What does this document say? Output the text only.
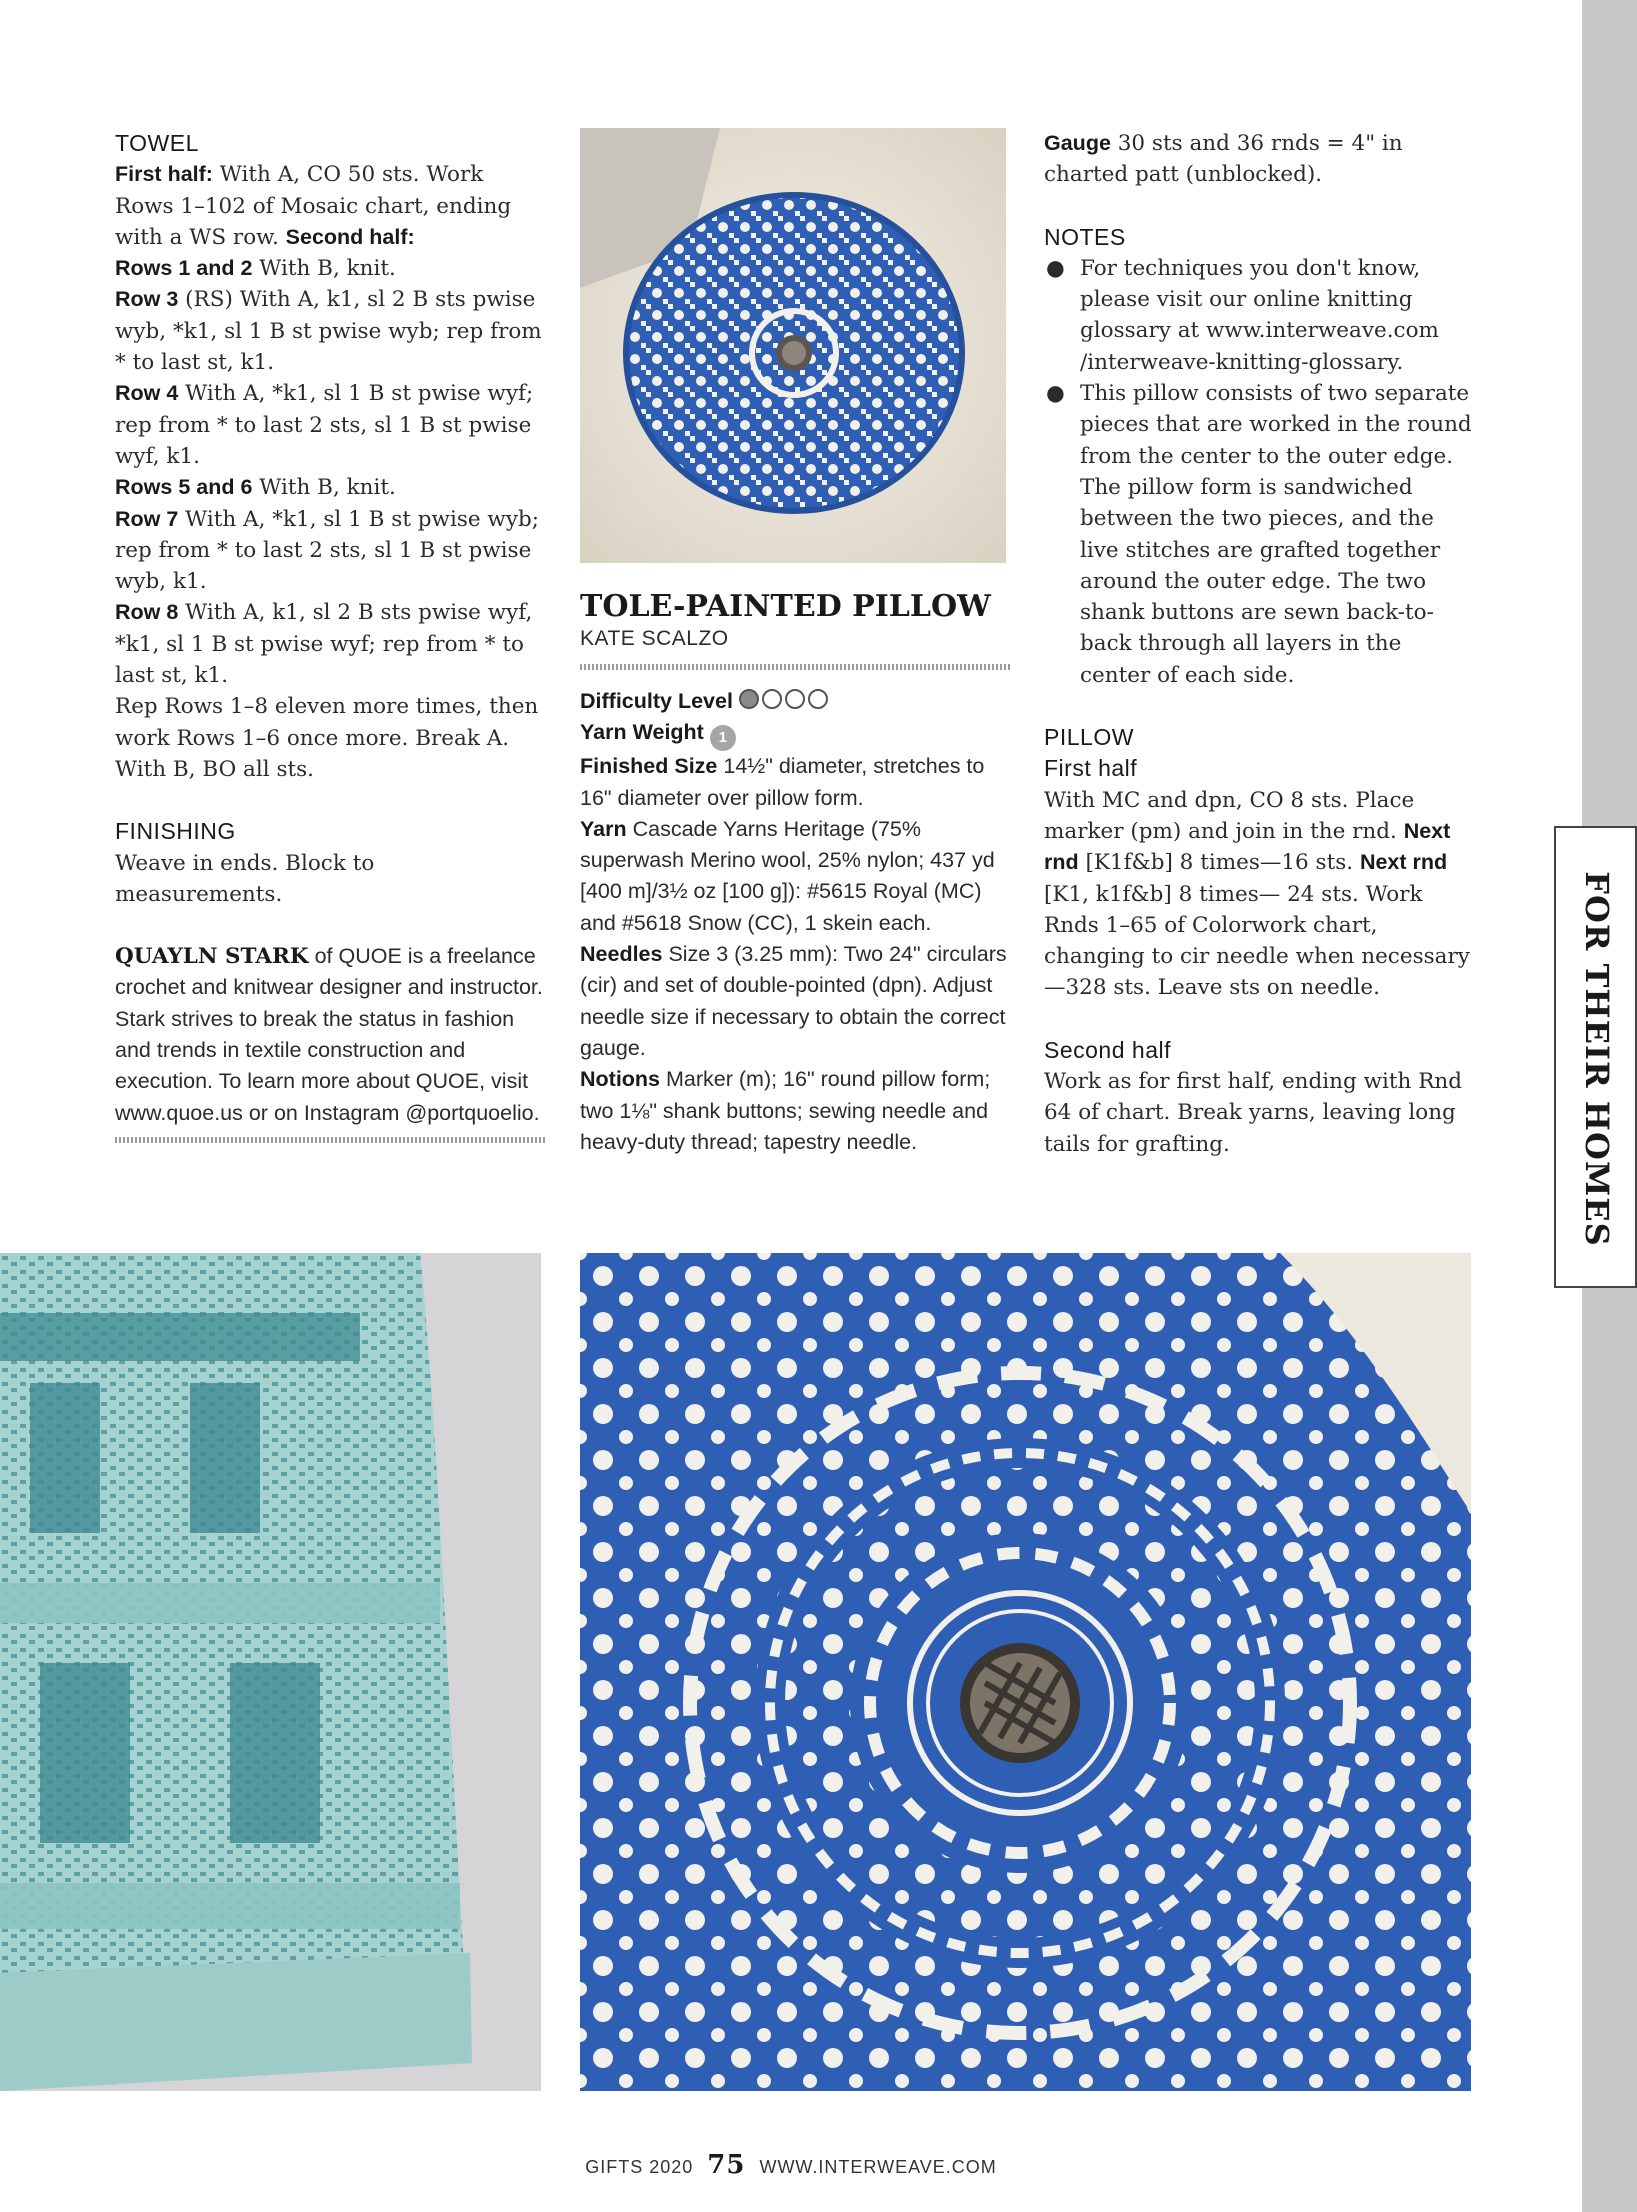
TOWEL

First half: With A, CO 50 sts. Work Rows 1–102 of Mosaic chart, ending with a WS row. Second half:

Rows 1 and 2 With B, knit.

Row 3 (RS) With A, k1, sl 2 B sts pwise wyb, *k1, sl 1 B st pwise wyb; rep from * to last st, k1.

Row 4 With A, *k1, sl 1 B st pwise wyf; rep from * to last 2 sts, sl 1 B st pwise wyf, k1.

Rows 5 and 6 With B, knit.

Row 7 With A, *k1, sl 1 B st pwise wyb; rep from * to last 2 sts, sl 1 B st pwise wyb, k1.

Row 8 With A, k1, sl 2 B sts pwise wyf, *k1, sl 1 B st pwise wyf; rep from * to last st, k1.

Rep Rows 1–8 eleven more times, then work Rows 1–6 once more. Break A. With B, BO all sts.

FINISHING

Weave in ends. Block to measurements.

QUAYLN STARK of QUOE is a freelance crochet and knitwear designer and instructor. Stark strives to break the status in fashion and trends in textile construction and execution. To learn more about QUOE, visit www.quoe.us or on Instagram @portquoelio.

TOLE-PAINTED PILLOW
KATE SCALZO

Difficulty Level

Yarn Weight 1

Finished Size 14½" diameter, stretches to 16" diameter over pillow form.

Yarn Cascade Yarns Heritage (75% superwash Merino wool, 25% nylon; 437 yd [400 m]/3½ oz [100 g]): #5615 Royal (MC) and #5618 Snow (CC), 1 skein each.

Needles Size 3 (3.25 mm): Two 24" circulars (cir) and set of double-pointed (dpn). Adjust needle size if necessary to obtain the correct gauge.

Notions Marker (m); 16" round pillow form; two 1⅛" shank buttons; sewing needle and heavy-duty thread; tapestry needle.

Gauge 30 sts and 36 rnds = 4" in charted patt (unblocked).

NOTES
● For techniques you don't know, please visit our online knitting glossary at www.interweave.com /interweave-knitting-glossary.
● This pillow consists of two separate pieces that are worked in the round from the center to the outer edge. The pillow form is sandwiched between the two pieces, and the live stitches are grafted together around the outer edge. The two shank buttons are sewn back-to-back through all layers in the center of each side.
PILLOW
First half

With MC and dpn, CO 8 sts. Place marker (pm) and join in the rnd. Next rnd [K1f&b] 8 times—16 sts. Next rnd [K1, k1f&b] 8 times— 24 sts. Work Rnds 1–65 of Colorwork chart, changing to cir needle when necessary—328 sts. Leave sts on needle.

Second half

Work as for first half, ending with Rnd 64 of chart. Break yarns, leaving long tails for grafting.	FOR THEIR HOMES
GIFTS 2020 75 WWW.INTERWEAVE.COM
